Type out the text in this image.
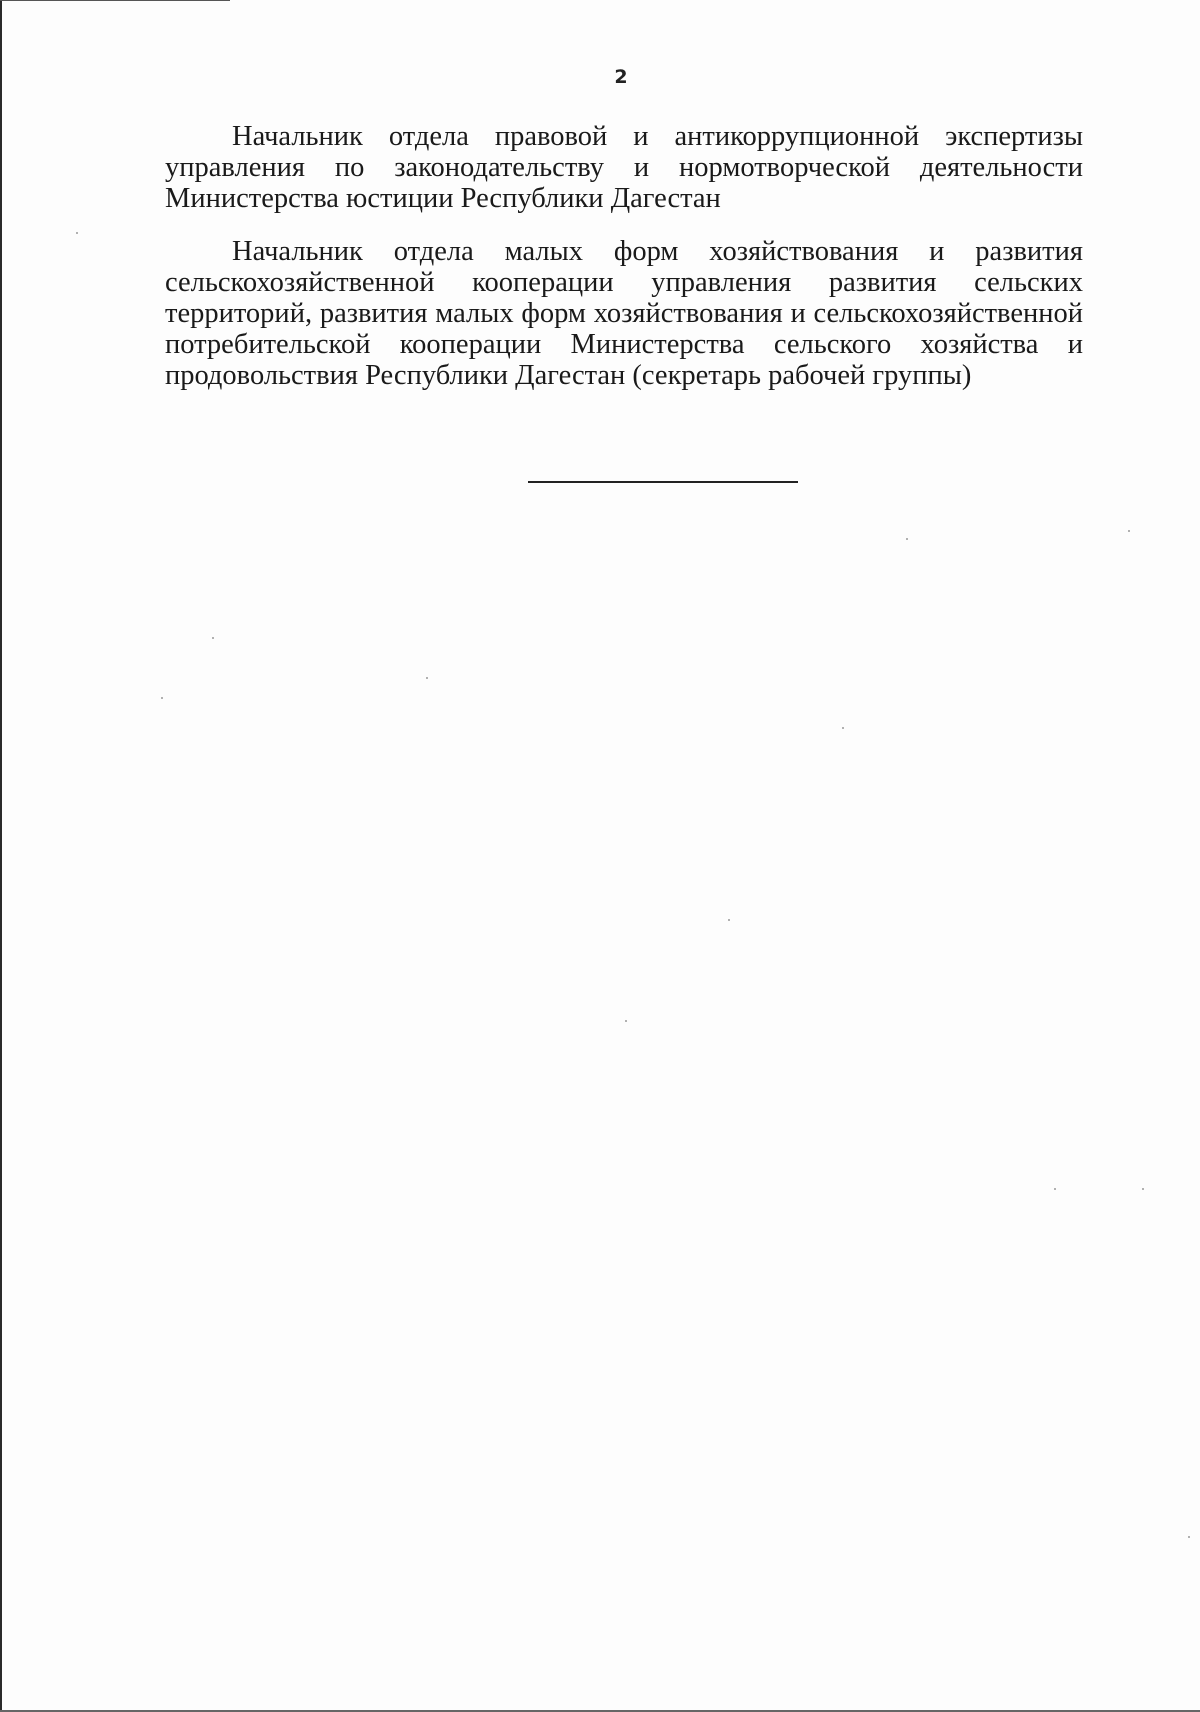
2
Начальник отдела правовой и антикоррупционной экспертизы управления по законодательству и нормотворческой деятельности Министерства юстиции Республики Дагестан
Начальник отдела малых форм хозяйствования и развития сельскохозяйственной кооперации управления развития сельских территорий, развития малых форм хозяйствования и сельскохозяйственной потребительской кооперации Министерства сельского хозяйства и продовольствия Республики Дагестан (секретарь рабочей группы)
